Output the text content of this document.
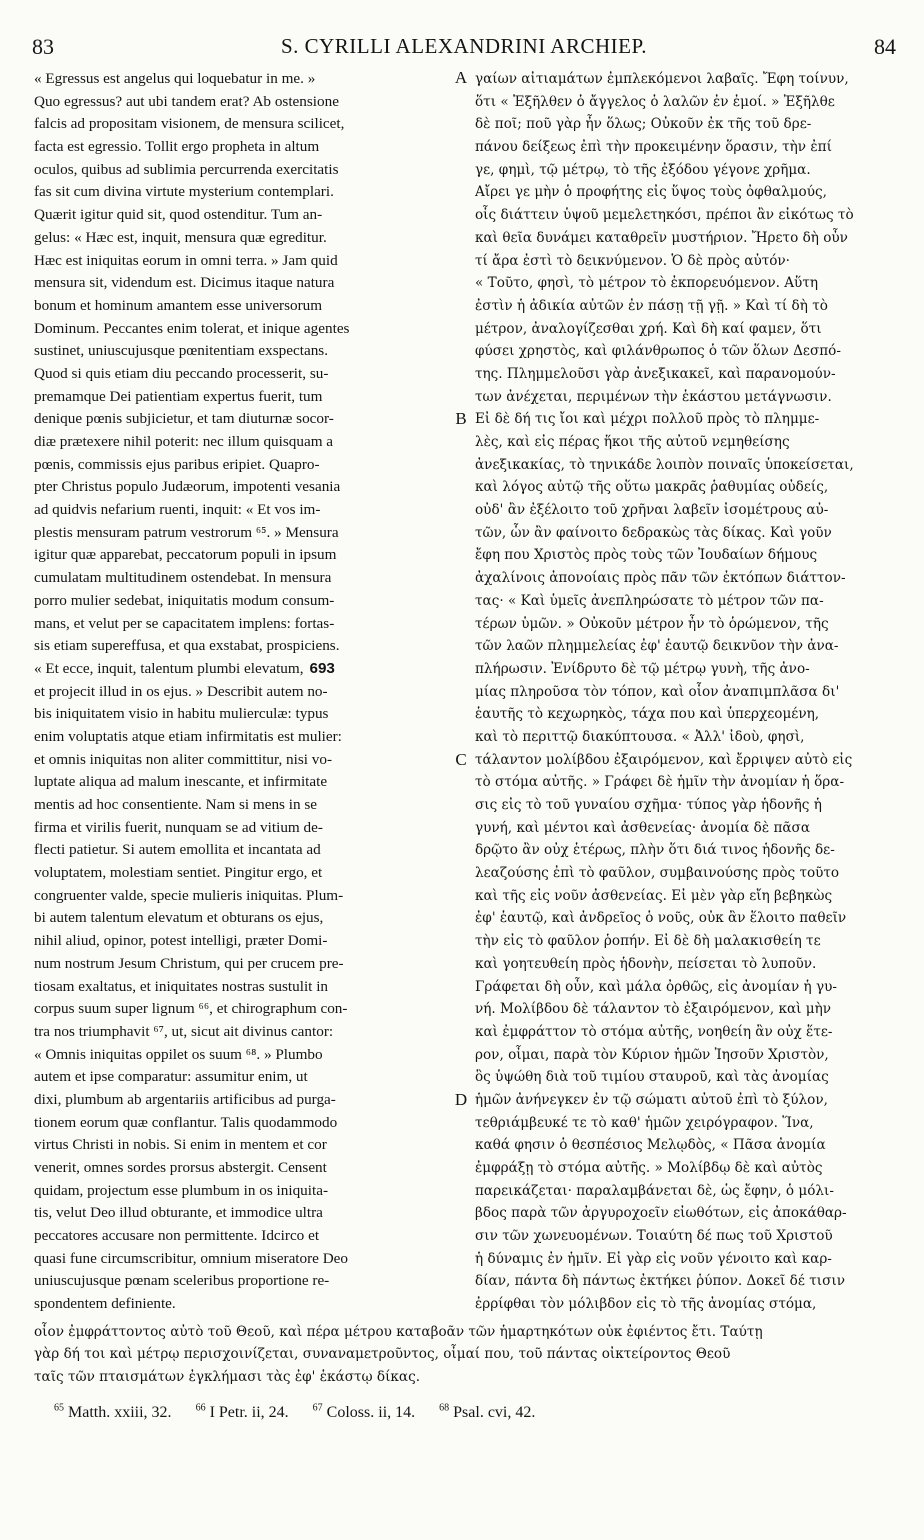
83	S. CYRILLI ALEXANDRINI ARCHIEP.	84
« Egressus est angelus qui loquebatur in me. »
Quo egressus? aut ubi tandem erat? Ab ostensione
falcis ad propositam visionem, de mensura scilicet,
facta est egressio. Tollit ergo propheta in altum
oculos, quibus ad sublimia percurrenda exercitatis
fas sit cum divina virtute mysterium contemplari.
Quærit igitur quid sit, quod ostenditur. Tum an-
gelus: « Hæc est, inquit, mensura quæ egreditur.
Hæc est iniquitas eorum in omni terra. » Jam quid
mensura sit, videndum est. Dicimus itaque natura
bonum et hominum amantem esse universorum
Dominum. Peccantes enim tolerat, et inique agentes
sustinet, uniuscujusque pœnitentiam exspectans.
Quod si quis etiam diu peccando processerit, su-
premamque Dei patientiam expertus fuerit, tum
denique pœnis subjicietur, et tam diuturnæ socor-
diæ prætexere nihil poterit: nec illum quisquam a
pœnis, commissis ejus paribus eripiet. Quapro-
pter Christus populo Judæorum, impotenti vesania
ad quidvis nefarium ruenti, inquit: « Et vos im-
plestis mensuram patrum vestrorum ⁶⁵. » Mensura
igitur quæ apparebat, peccatorum populi in ipsum
cumulatam multitudinem ostendebat. In mensura
porro mulier sedebat, iniquitatis modum consum-
mans, et velut per se capacitatem implens: fortas-
sis etiam supereffusa, et qua exstabat, prospiciens.
« Et ecce, inquit, talentum plumbi elevatum, 693
et projecit illud in os ejus. » Describit autem no-
bis iniquitatem visio in habitu mulierculæ: typus
enim voluptatis atque etiam infirmitatis est mulier:
et omnis iniquitas non aliter committitur, nisi vo-
luptate aliqua ad malum inescante, et infirmitate
mentis ad hoc consentiente. Nam si mens in se
firma et virilis fuerit, nunquam se ad vitium de-
flecti patietur. Si autem emollita et incantata ad
voluptatem, molestiam sentiet. Pingitur ergo, et
congruenter valde, specie mulieris iniquitas. Plum-
bi autem talentum elevatum et obturans os ejus,
nihil aliud, opinor, potest intelligi, præter Domi-
num nostrum Jesum Christum, qui per crucem pre-
tiosam exaltatus, et iniquitates nostras sustulit in
corpus suum super lignum ⁶⁶, et chirographum con-
tra nos triumphavit ⁶⁷, ut, sicut ait divinus cantor:
« Omnis iniquitas oppilet os suum ⁶⁸. » Plumbo
autem et ipse comparatur: assumitur enim, ut
dixi, plumbum ab argentariis artificibus ad purga-
tionem eorum quæ conflantur. Talis quodammodo
virtus Christi in nobis. Si enim in mentem et cor
venerit, omnes sordes prorsus abstergit. Censent
quidam, projectum esse plumbum in os iniquita-
tis, velut Deo illud obturante, et immodice ultra
peccatores accusare non permittente. Idcirco et
quasi fune circumscribitur, omnium miseratore Deo
uniuscujusque pœnam sceleribus proportione re-
spondentem definiente.
γαίων αἰτιαμάτων ἐμπλεκόμενοι λαβαῖς. Ἔφη τοίνυν,
ὅτι « Ἐξῆλθεν ὁ ἄγγελος ὁ λαλῶν ἐν ἐμοί. » Ἐξῆλθε
δὲ ποῖ; ποῦ γὰρ ἦν ὅλως; Οὐκοῦν ἐκ τῆς τοῦ δρε-
πάνου δείξεως ἐπὶ τὴν προκειμένην ὅρασιν, τὴν ἐπί
γε, φημὶ, τῷ μέτρῳ, τὸ τῆς ἐξόδου γέγονε χρῆμα.
Αἴρει γε μὴν ὁ προφήτης εἰς ὕψος τοὺς ὀφθαλμούς,
οἷς διάττειν ὑψοῦ μεμελετηκόσι, πρέποι ἂν εἰκότως τὸ
καὶ θεῖα δυνάμει καταθρεῖν μυστήριον. Ἤρετο δὴ οὖν
τί ἄρα ἐστὶ τὸ δεικνύμενον. Ὁ δὲ πρὸς αὐτόν·
« Τοῦτο, φησὶ, τὸ μέτρον τὸ ἐκπορευόμενον. Αὕτη
ἐστὶν ἡ ἀδικία αὐτῶν ἐν πάσῃ τῇ γῇ. » Καὶ τί δὴ τὸ
μέτρον, ἀναλογίζεσθαι χρή. Καὶ δὴ καί φαμεν, ὅτι
φύσει χρηστὸς, καὶ φιλάνθρωπος ὁ τῶν ὅλων Δεσπό-
της. Πλημμελοῦσι γὰρ ἀνεξικακεῖ, καὶ παρανομούν-
των ἀνέχεται, περιμένων τὴν ἑκάστου μετάγνωσιν.
Εἰ δὲ δή τις ἴοι καὶ μέχρι πολλοῦ πρὸς τὸ πλημμε-
λὲς, καὶ εἰς πέρας ἥκοι τῆς αὐτοῦ νεμηθείσης
ἀνεξικακίας, τὸ τηνικάδε λοιπὸν ποιναῖς ὑποκείσεται,
καὶ λόγος αὐτῷ τῆς οὕτω μακρᾶς ῥαθυμίας οὐδείς,
οὐδ' ἂν ἐξέλοιτο τοῦ χρῆναι λαβεῖν ἰσομέτρους αὐ-
τῶν, ὧν ἂν φαίνοιτο δεδρακὼς τὰς δίκας. Καὶ γοῦν
ἔφη που Χριστὸς πρὸς τοὺς τῶν Ἰουδαίων δήμους
ἀχαλίνοις ἀπονοίαις πρὸς πᾶν τῶν ἐκτόπων διάττον-
τας· « Καὶ ὑμεῖς ἀνεπληρώσατε τὸ μέτρον τῶν πα-
τέρων ὑμῶν. » Οὐκοῦν μέτρον ἦν τὸ ὁρώμενον, τῆς
τῶν λαῶν πλημμελείας ἐφ' ἑαυτῷ δεικνῦον τὴν ἀνα-
πλήρωσιν. Ἐνίδρυτο δὲ τῷ μέτρῳ γυνὴ, τῆς ἀνο-
μίας πληροῦσα τὸν τόπον, καὶ οἷον ἀναπιμπλᾶσα δι'
ἑαυτῆς τὸ κεχωρηκὸς, τάχα που καὶ ὑπερχεομένη,
καὶ τὸ περιττῷ διακύπτουσα. « Ἀλλ' ἰδοὺ, φησὶ,
τάλαντον μολίβδου ἐξαιρόμενον, καὶ ἔρριψεν αὐτὸ εἰς
τὸ στόμα αὐτῆς. » Γράφει δὲ ἡμῖν τὴν ἀνομίαν ἡ ὅρα-
σις εἰς τὸ τοῦ γυναίου σχῆμα· τύπος γὰρ ἡδονῆς ἡ
γυνή, καὶ μέντοι καὶ ἀσθενείας· ἀνομία δὲ πᾶσα
δρῷτο ἂν οὐχ ἑτέρως, πλὴν ὅτι διά τινος ἡδονῆς δε-
λεαζούσης ἐπὶ τὸ φαῦλον, συμβαινούσης πρὸς τοῦτο
καὶ τῆς εἰς νοῦν ἀσθενείας. Εἰ μὲν γὰρ εἴη βεβηκὼς
ἐφ' ἑαυτῷ, καὶ ἀνδρεῖος ὁ νοῦς, οὐκ ἂν ἕλοιτο παθεῖν
τὴν εἰς τὸ φαῦλον ῥοπήν. Εἰ δὲ δὴ μαλακισθείη τε
καὶ γοητευθείη πρὸς ἡδονὴν, πείσεται τὸ λυποῦν.
Γράφεται δὴ οὖν, καὶ μάλα ὀρθῶς, εἰς ἀνομίαν ἡ γυ-
νή. Μολίβδου δὲ τάλαντον τὸ ἐξαιρόμενον, καὶ μὴν
καὶ ἐμφράττον τὸ στόμα αὐτῆς, νοηθείη ἂν οὐχ ἕτε-
ρον, οἶμαι, παρὰ τὸν Κύριον ἡμῶν Ἰησοῦν Χριστὸν,
ὃς ὑψώθη διὰ τοῦ τιμίου σταυροῦ, καὶ τὰς ἀνομίας
ἡμῶν ἀνήνεγκεν ἐν τῷ σώματι αὐτοῦ ἐπὶ τὸ ξύλον,
τεθριάμβευκέ τε τὸ καθ' ἡμῶν χειρόγραφον. Ἵνα,
καθά φησιν ὁ θεσπέσιος Μελῳδὸς, « Πᾶσα ἀνομία
ἐμφράξῃ τὸ στόμα αὐτῆς. » Μολίβδῳ δὲ καὶ αὐτὸς
παρεικάζεται· παραλαμβάνεται δὲ, ὡς ἔφην, ὁ μόλι-
βδος παρὰ τῶν ἀργυροχοεῖν εἰωθότων, εἰς ἀποκάθαρ-
σιν τῶν χωνευομένων. Τοιαύτη δέ πως τοῦ Χριστοῦ
ἡ δύναμις ἐν ἡμῖν. Εἰ γὰρ εἰς νοῦν γένοιτο καὶ καρ-
δίαν, πάντα δὴ πάντως ἐκτήκει ῥύπον. Δοκεῖ δέ τισιν
ἐρρίφθαι τὸν μόλιβδον εἰς τὸ τῆς ἀνομίας στόμα,
A
B
C
D
οἷον ἐμφράττοντος αὐτὸ τοῦ Θεοῦ, καὶ πέρα μέτρου καταβοᾶν τῶν ἡμαρτηκότων οὐκ ἐφιέντος ἔτι. Ταύτῃ
γὰρ δή τοι καὶ μέτρῳ περισχοινίζεται, συναναμετροῦντος, οἶμαί που, τοῦ πάντας οἰκτείροντος Θεοῦ
ταῖς τῶν πταισμάτων ἐγκλήμασι τὰς ἐφ' ἑκάστῳ δίκας.
$^{65}$ Matth. xxiii, 32. $^{66}$ I Petr. ii, 24. $^{67}$ Coloss. ii, 14. $^{68}$ Psal. cvi, 42.
